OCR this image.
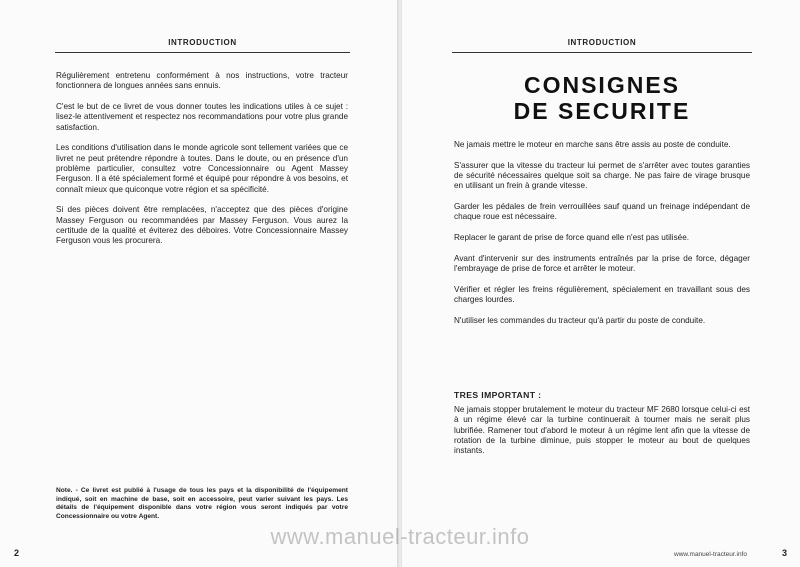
INTRODUCTION

Régulièrement entretenu conformément à nos instructions, votre tracteur fonctionnera de longues années sans ennuis.

C'est le but de ce livret de vous donner toutes les indications utiles à ce sujet : lisez-le attentivement et respectez nos recommandations pour votre plus grande satisfaction.

Les conditions d'utilisation dans le monde agricole sont tellement variées que ce livret ne peut prétendre répondre à toutes. Dans le doute, ou en présence d'un problème particulier, consultez votre Concessionnaire ou Agent Massey Ferguson. Il a été spécialement formé et équipé pour répondre à vos besoins, et connaît mieux que quiconque votre région et sa spécificité.

Si des pièces doivent être remplacées, n'acceptez que des pièces d'origine Massey Ferguson ou recommandées par Massey Ferguson. Vous aurez la certitude de la qualité et éviterez des déboires. Votre Concessionnaire Massey Ferguson vous les procurera.

Note. - Ce livret est publié à l'usage de tous les pays et la disponibilité de l'équipement indiqué, soit en machine de base, soit en accessoire, peut varier suivant les pays. Les détails de l'équipement disponible dans votre région vous seront indiqués par votre Concessionnaire ou votre Agent.
2
INTRODUCTION
CONSIGNES
DE SECURITE

Ne jamais mettre le moteur en marche sans être assis au poste de conduite.

S'assurer que la vitesse du tracteur lui permet de s'arrêter avec toutes garanties de sécurité nécessaires quelque soit sa charge. Ne pas faire de virage brusque en utilisant un frein à grande vitesse.

Garder les pédales de frein verrouillées sauf quand un freinage indépendant de chaque roue est nécessaire.

Replacer le garant de prise de force quand elle n'est pas utilisée.

Avant d'intervenir sur des instruments entraînés par la prise de force, dégager l'embrayage de prise de force et arrêter le moteur.

Vérifier et régler les freins régulièrement, spécialement en travaillant sous des charges lourdes.

N'utiliser les commandes du tracteur qu'à partir du poste de conduite.

TRES IMPORTANT :
Ne jamais stopper brutalement le moteur du tracteur MF 2680 lorsque celui-ci est à un régime élevé car la turbine continuerait à tourner mais ne serait plus lubrifiée. Ramener tout d'abord le moteur à un régime lent afin que la vitesse de rotation de la turbine diminue, puis stopper le moteur au bout de quelques instants.
www.manuel-tracteur.info	3
www.manuel-tracteur.info
